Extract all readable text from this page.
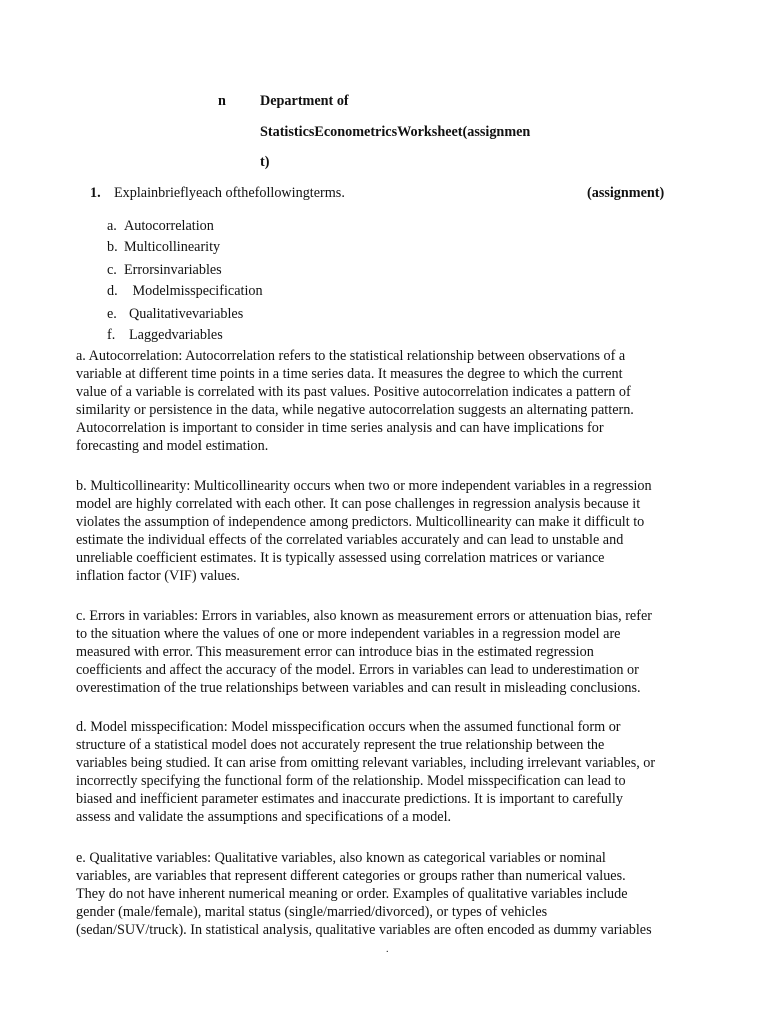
n Department of
StatisticsEconometricsWorksheet(assignmen
t)
1. Explainbrieflyeach ofthefollowingterms.	(assignment)
a. Autocorrelation
b. Multicollinearity
c. Errorsinvariables
d. Modelmisspecification
e. Qualitativevariables
f. Laggedvariables
a. Autocorrelation: Autocorrelation refers to the statistical relationship between observations of a
variable at different time points in a time series data. It measures the degree to which the current
value of a variable is correlated with its past values. Positive autocorrelation indicates a pattern of
similarity or persistence in the data, while negative autocorrelation suggests an alternating pattern.
Autocorrelation is important to consider in time series analysis and can have implications for
forecasting and model estimation.
b. Multicollinearity: Multicollinearity occurs when two or more independent variables in a regression
model are highly correlated with each other. It can pose challenges in regression analysis because it
violates the assumption of independence among predictors. Multicollinearity can make it difficult to
estimate the individual effects of the correlated variables accurately and can lead to unstable and
unreliable coefficient estimates. It is typically assessed using correlation matrices or variance
inflation factor (VIF) values.
c. Errors in variables: Errors in variables, also known as measurement errors or attenuation bias, refer
to the situation where the values of one or more independent variables in a regression model are
measured with error. This measurement error can introduce bias in the estimated regression
coefficients and affect the accuracy of the model. Errors in variables can lead to underestimation or
overestimation of the true relationships between variables and can result in misleading conclusions.
d. Model misspecification: Model misspecification occurs when the assumed functional form or
structure of a statistical model does not accurately represent the true relationship between the
variables being studied. It can arise from omitting relevant variables, including irrelevant variables, or
incorrectly specifying the functional form of the relationship. Model misspecification can lead to
biased and inefficient parameter estimates and inaccurate predictions. It is important to carefully
assess and validate the assumptions and specifications of a model.
e. Qualitative variables: Qualitative variables, also known as categorical variables or nominal
variables, are variables that represent different categories or groups rather than numerical values.
They do not have inherent numerical meaning or order. Examples of qualitative variables include
gender (male/female), marital status (single/married/divorced), or types of vehicles
(sedan/SUV/truck). In statistical analysis, qualitative variables are often encoded as dummy variables
.
